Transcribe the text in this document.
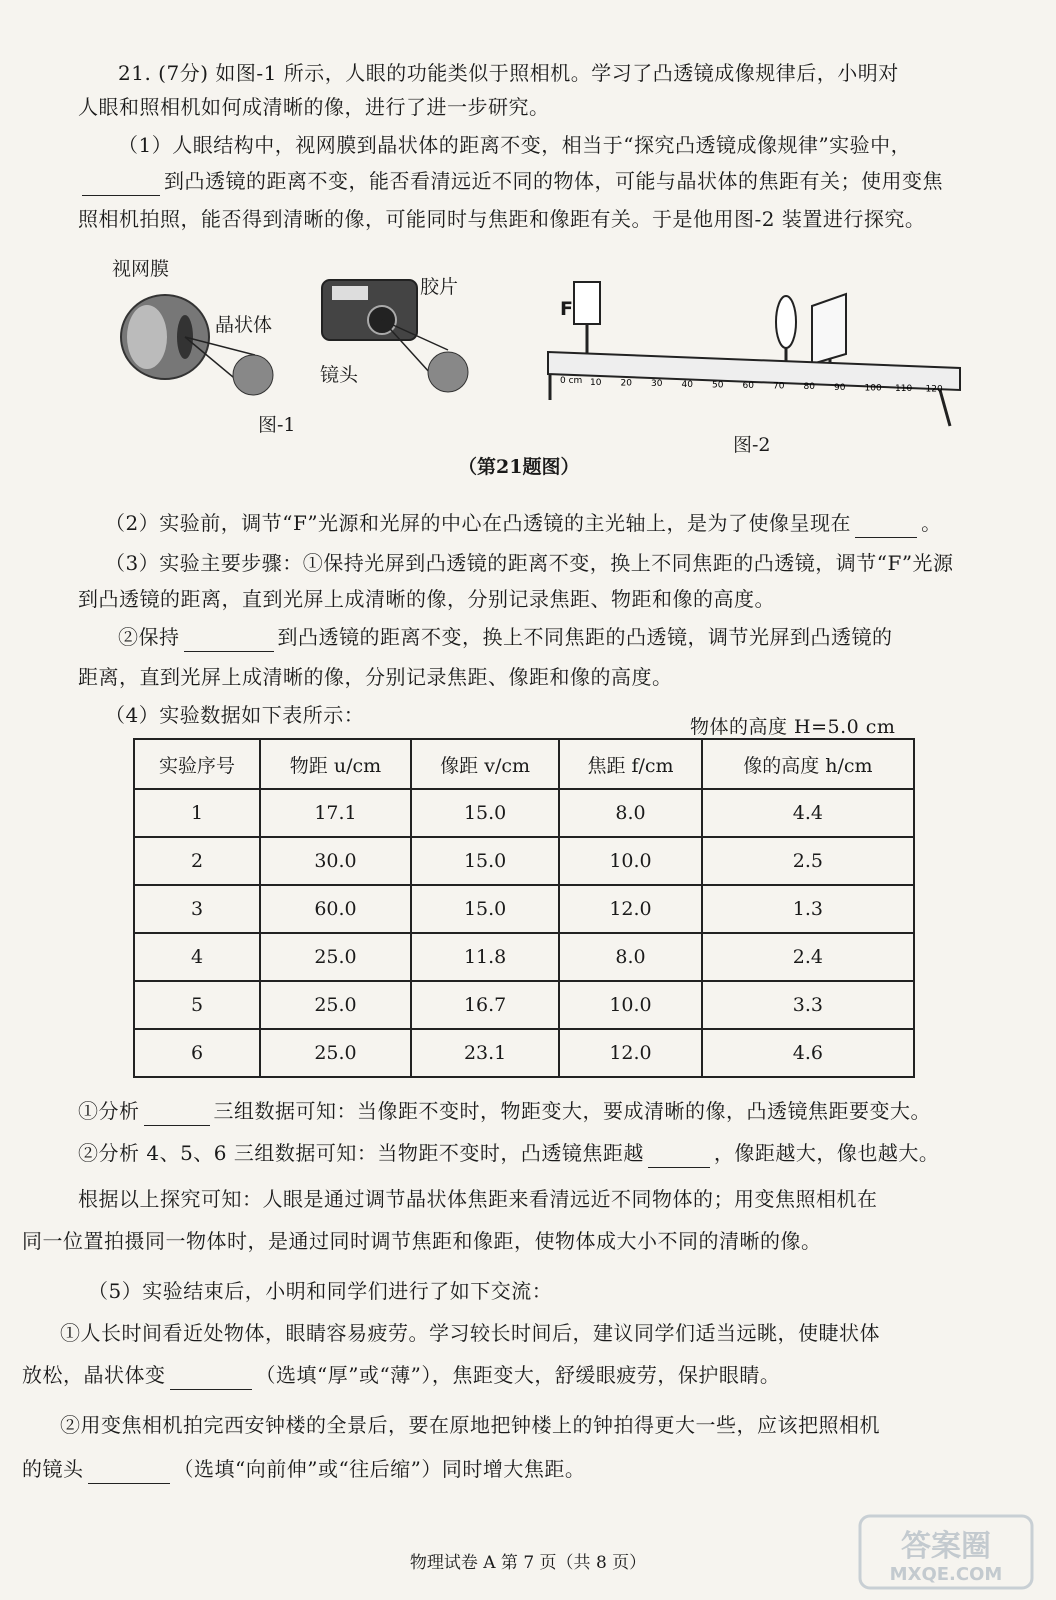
21. (7分) 如图-1 所示，人眼的功能类似于照相机。学习了凸透镜成像规律后，小明对
人眼和照相机如何成清晰的像，进行了进一步研究。
（1）人眼结构中，视网膜到晶状体的距离不变，相当于“探究凸透镜成像规律”实验中，
到凸透镜的距离不变，能否看清远近不同的物体，可能与晶状体的焦距有关；使用变焦
照相机拍照，能否得到清晰的像，可能同时与焦距和像距有关。于是他用图-2 装置进行探究。
视网膜
晶状体
胶片
镜头
图-1
0 cm 10 20 30 40 50 60 70 80 90 100 110 120
F
图-2
（第21题图）
（2）实验前，调节“F”光源和光屏的中心在凸透镜的主光轴上，是为了使像呈现在	。
（3）实验主要步骤：①保持光屏到凸透镜的距离不变，换上不同焦距的凸透镜，调节“F”光源
到凸透镜的距离，直到光屏上成清晰的像，分别记录焦距、物距和像的高度。
②保持	到凸透镜的距离不变，换上不同焦距的凸透镜，调节光屏到凸透镜的
距离，直到光屏上成清晰的像，分别记录焦距、像距和像的高度。
（4）实验数据如下表所示：	物体的高度 H=5.0 cm
实验序号	物距 u/cm	像距 v/cm	焦距 f/cm	像的高度 h/cm
1	17.1	15.0	8.0	4.4
2	30.0	15.0	10.0	2.5
3	60.0	15.0	12.0	1.3
4	25.0	11.8	8.0	2.4
5	25.0	16.7	10.0	3.3
6	25.0	23.1	12.0	4.6
①分析	三组数据可知：当像距不变时，物距变大，要成清晰的像，凸透镜焦距要变大。
②分析 4、5、6 三组数据可知：当物距不变时，凸透镜焦距越	，像距越大，像也越大。
根据以上探究可知：人眼是通过调节晶状体焦距来看清远近不同物体的；用变焦照相机在
同一位置拍摄同一物体时，是通过同时调节焦距和像距，使物体成大小不同的清晰的像。
（5）实验结束后，小明和同学们进行了如下交流：
①人长时间看近处物体，眼睛容易疲劳。学习较长时间后，建议同学们适当远眺，使睫状体
放松，晶状体变	（选填“厚”或“薄”），焦距变大，舒缓眼疲劳，保护眼睛。
②用变焦相机拍完西安钟楼的全景后，要在原地把钟楼上的钟拍得更大一些，应该把照相机
的镜头	（选填“向前伸”或“往后缩”）同时增大焦距。
物理试卷 A 第 7 页（共 8 页）	答案圈
MXQE.COM
